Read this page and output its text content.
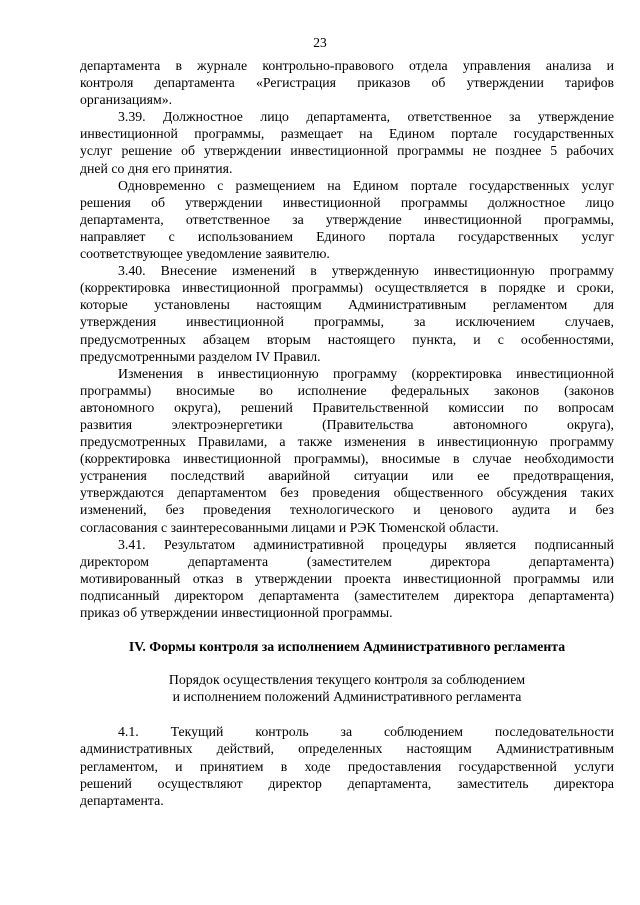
23
департамента в журнале контрольно-правового отдела управления анализа и
контроля департамента «Регистрация приказов об утверждении тарифов
организациям».
3.39. Должностное лицо департамента, ответственное за утверждение
инвестиционной программы, размещает на Едином портале государственных
услуг решение об утверждении инвестиционной программы не позднее 5 рабочих
дней со дня его принятия.
Одновременно с размещением на Едином портале государственных услуг
решения об утверждении инвестиционной программы должностное лицо
департамента, ответственное за утверждение инвестиционной программы,
направляет с использованием Единого портала государственных услуг
соответствующее уведомление заявителю.
3.40. Внесение изменений в утвержденную инвестиционную программу
(корректировка инвестиционной программы) осуществляется в порядке и сроки,
которые установлены настоящим Административным регламентом для
утверждения инвестиционной программы, за исключением случаев,
предусмотренных абзацем вторым настоящего пункта, и с особенностями,
предусмотренными разделом IV Правил.
Изменения в инвестиционную программу (корректировка инвестиционной
программы) вносимые во исполнение федеральных законов (законов
автономного округа), решений Правительственной комиссии по вопросам
развития электроэнергетики (Правительства автономного округа),
предусмотренных Правилами, а также изменения в инвестиционную программу
(корректировка инвестиционной программы), вносимые в случае необходимости
устранения последствий аварийной ситуации или ее предотвращения,
утверждаются департаментом без проведения общественного обсуждения таких
изменений, без проведения технологического и ценового аудита и без
согласования с заинтересованными лицами и РЭК Тюменской области.
3.41. Результатом административной процедуры является подписанный
директором департамента (заместителем директора департамента)
мотивированный отказ в утверждении проекта инвестиционной программы или
подписанный директором департамента (заместителем директора департамента)
приказ об утверждении инвестиционной программы.
IV. Формы контроля за исполнением Административного регламента
Порядок осуществления текущего контроля за соблюдением
и исполнением положений Административного регламента
4.1. Текущий контроль за соблюдением последовательности
административных действий, определенных настоящим Административным
регламентом, и принятием в ходе предоставления государственной услуги
решений осуществляют директор департамента, заместитель директора
департамента.
